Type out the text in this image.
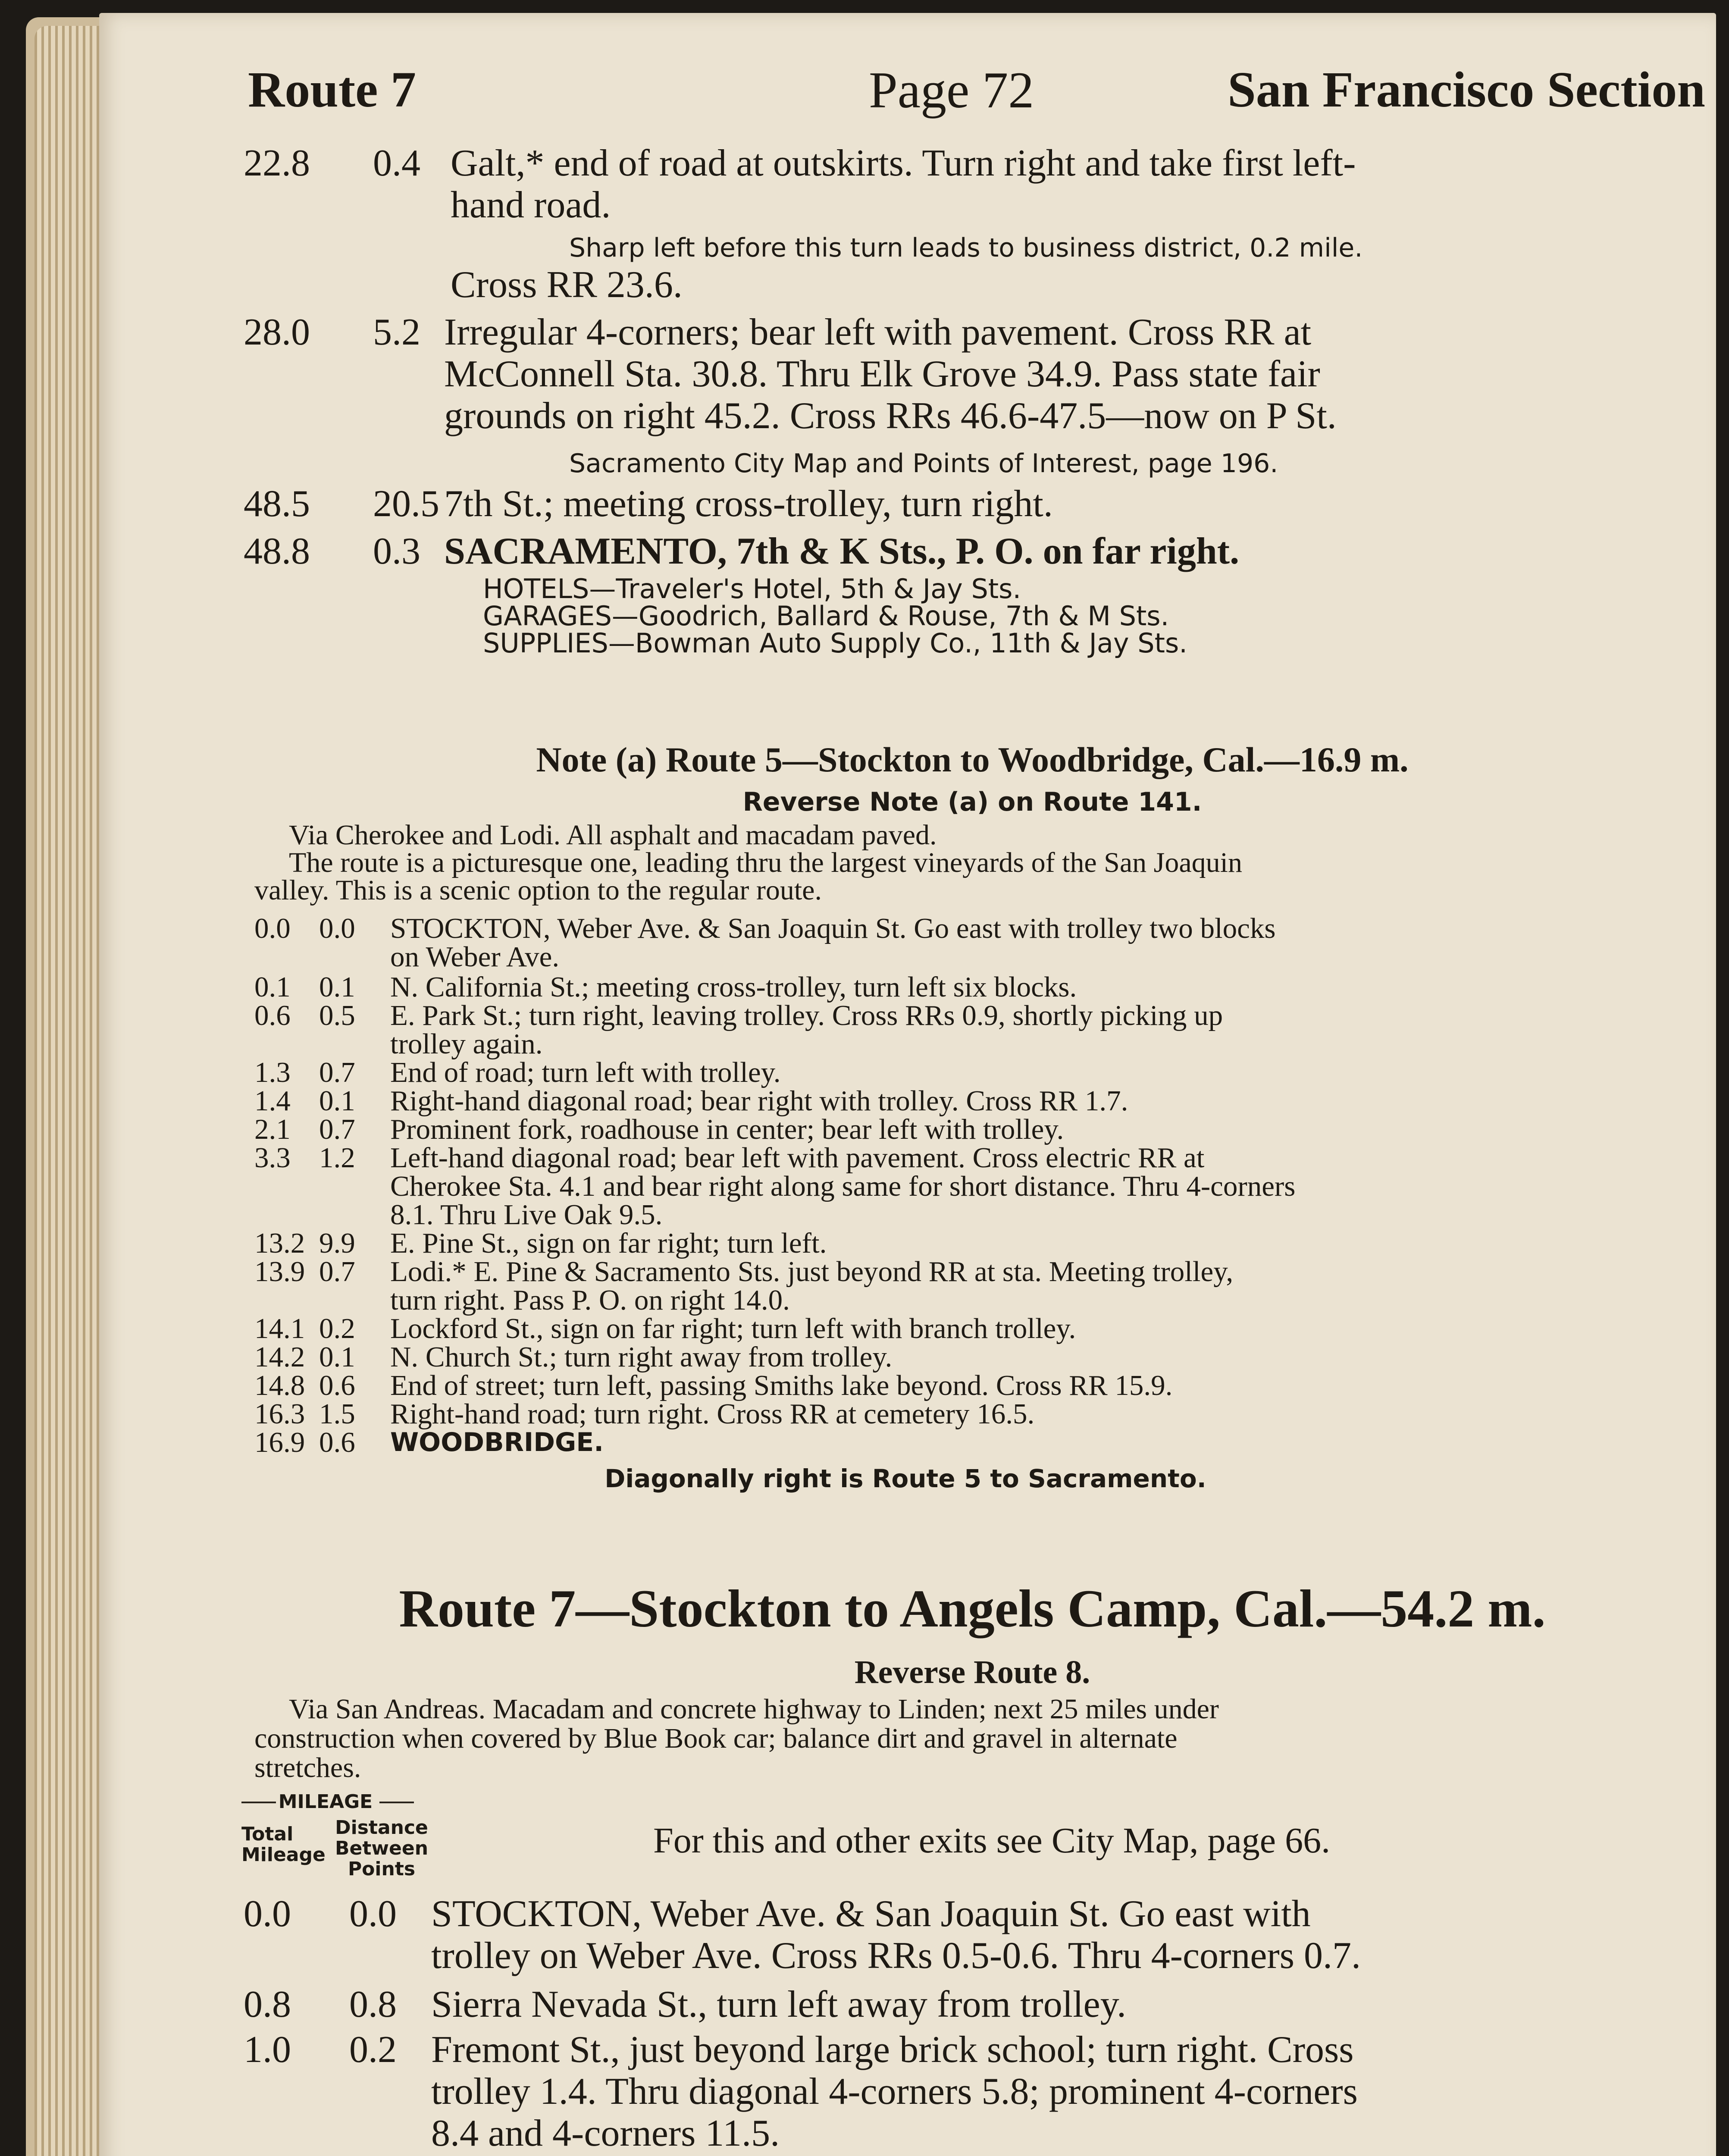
Route 7	Page 72	San Francisco Section
22.8 0.4 Galt,* end of road at outskirts. Turn right and take first left-
hand road.
Sharp left before this turn leads to business district, 0.2 mile.
Cross RR 23.6.
28.0 5.2 Irregular 4-corners; bear left with pavement. Cross RR at
McConnell Sta. 30.8. Thru Elk Grove 34.9. Pass state fair
grounds on right 45.2. Cross RRs 46.6-47.5—now on P St.
Sacramento City Map and Points of Interest, page 196.
48.5 20.5 7th St.; meeting cross-trolley, turn right.
48.8 0.3 SACRAMENTO, 7th & K Sts., P. O. on far right.
HOTELS—Traveler's Hotel, 5th & Jay Sts.
GARAGES—Goodrich, Ballard & Rouse, 7th & M Sts.
SUPPLIES—Bowman Auto Supply Co., 11th & Jay Sts.
Note (a) Route 5—Stockton to Woodbridge, Cal.—16.9 m.
Reverse Note (a) on Route 141.
Via Cherokee and Lodi. All asphalt and macadam paved.
The route is a picturesque one, leading thru the largest vineyards of the San Joaquin
valley. This is a scenic option to the regular route.
0.0 0.0 STOCKTON, Weber Ave. & San Joaquin St. Go east with trolley two blocks
on Weber Ave.
0.1 0.1 N. California St.; meeting cross-trolley, turn left six blocks.
0.6 0.5 E. Park St.; turn right, leaving trolley. Cross RRs 0.9, shortly picking up
trolley again.
1.3 0.7 End of road; turn left with trolley.
1.4 0.1 Right-hand diagonal road; bear right with trolley. Cross RR 1.7.
2.1 0.7 Prominent fork, roadhouse in center; bear left with trolley.
3.3 1.2 Left-hand diagonal road; bear left with pavement. Cross electric RR at
Cherokee Sta. 4.1 and bear right along same for short distance. Thru 4-corners
8.1. Thru Live Oak 9.5.
13.2 9.9 E. Pine St., sign on far right; turn left.
13.9 0.7 Lodi.* E. Pine & Sacramento Sts. just beyond RR at sta. Meeting trolley,
turn right. Pass P. O. on right 14.0.
14.1 0.2 Lockford St., sign on far right; turn left with branch trolley.
14.2 0.1 N. Church St.; turn right away from trolley.
14.8 0.6 End of street; turn left, passing Smiths lake beyond. Cross RR 15.9.
16.3 1.5 Right-hand road; turn right. Cross RR at cemetery 16.5.
16.9 0.6 WOODBRIDGE.
Diagonally right is Route 5 to Sacramento.
Route 7—Stockton to Angels Camp, Cal.—54.2 m.
Reverse Route 8.
Via San Andreas. Macadam and concrete highway to Linden; next 25 miles under
construction when covered by Blue Book car; balance dirt and gravel in alternate
stretches.
MILEAGE
Total Mileage
Distance Between Points
For this and other exits see City Map, page 66.
0.0 0.0 STOCKTON, Weber Ave. & San Joaquin St. Go east with
trolley on Weber Ave. Cross RRs 0.5-0.6. Thru 4-corners 0.7.
0.8 0.8 Sierra Nevada St., turn left away from trolley.
1.0 0.2 Fremont St., just beyond large brick school; turn right. Cross
trolley 1.4. Thru diagonal 4-corners 5.8; prominent 4-corners
8.4 and 4-corners 11.5.
